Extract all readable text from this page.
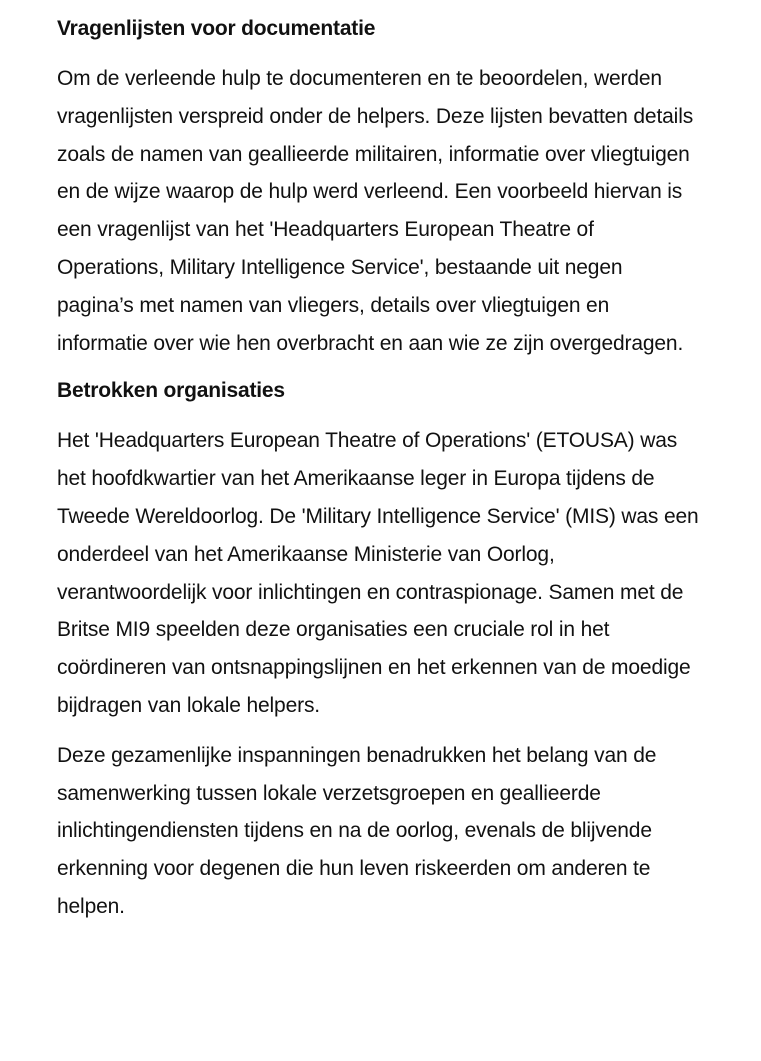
Vragenlijsten voor documentatie

Om de verleende hulp te documenteren en te beoordelen, werden vragenlijsten verspreid onder de helpers. Deze lijsten bevatten details zoals de namen van geallieerde militairen, informatie over vliegtuigen en de wijze waarop de hulp werd verleend. Een voorbeeld hiervan is een vragenlijst van het 'Headquarters European Theatre of Operations, Military Intelligence Service', bestaande uit negen pagina’s met namen van vliegers, details over vliegtuigen en informatie over wie hen overbracht en aan wie ze zijn overgedragen.

Betrokken organisaties

Het 'Headquarters European Theatre of Operations' (ETOUSA) was het hoofdkwartier van het Amerikaanse leger in Europa tijdens de Tweede Wereldoorlog. De 'Military Intelligence Service' (MIS) was een onderdeel van het Amerikaanse Ministerie van Oorlog, verantwoordelijk voor inlichtingen en contraspionage. Samen met de Britse MI9 speelden deze organisaties een cruciale rol in het coördineren van ontsnappingslijnen en het erkennen van de moedige bijdragen van lokale helpers.

Deze gezamenlijke inspanningen benadrukken het belang van de samenwerking tussen lokale verzetsgroepen en geallieerde inlichtingendiensten tijdens en na de oorlog, evenals de blijvende erkenning voor degenen die hun leven riskeerden om anderen te helpen.
